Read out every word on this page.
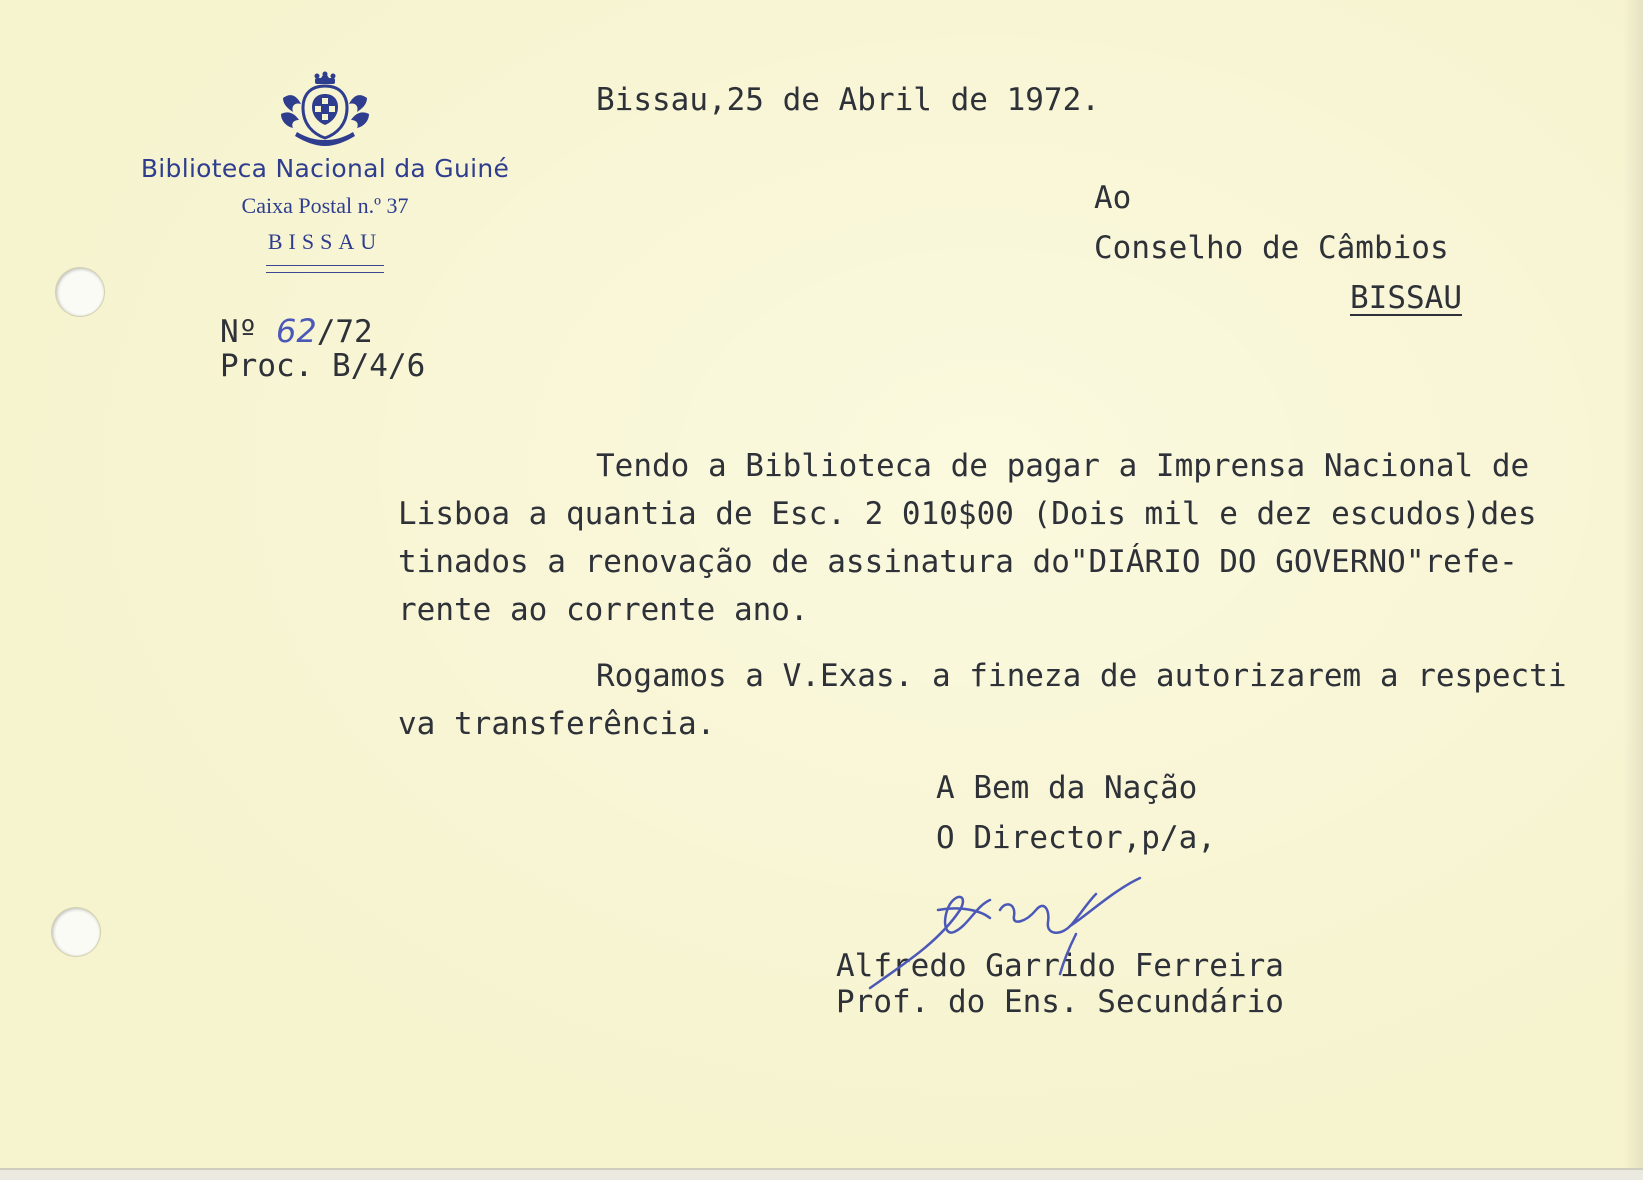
Biblioteca Nacional da Guiné
Caixa Postal n.º 37
BISSAU
Nº 62/72
Proc. B/4/6
Bissau,25 de Abril de 1972.
Ao
Conselho de Câmbios
BISSAU
Tendo a Biblioteca de pagar a Imprensa Nacional de
Lisboa a quantia de Esc. 2 010$00 (Dois mil e dez escudos)des
tinados a renovação de assinatura do"DIÁRIO DO GOVERNO"refe-
rente ao corrente ano.
Rogamos a V.Exas. a fineza de autorizarem a respecti
va transferência.
A Bem da Nação
O Director,p/a,
Alfredo Garrido Ferreira
Prof. do Ens. Secundário
